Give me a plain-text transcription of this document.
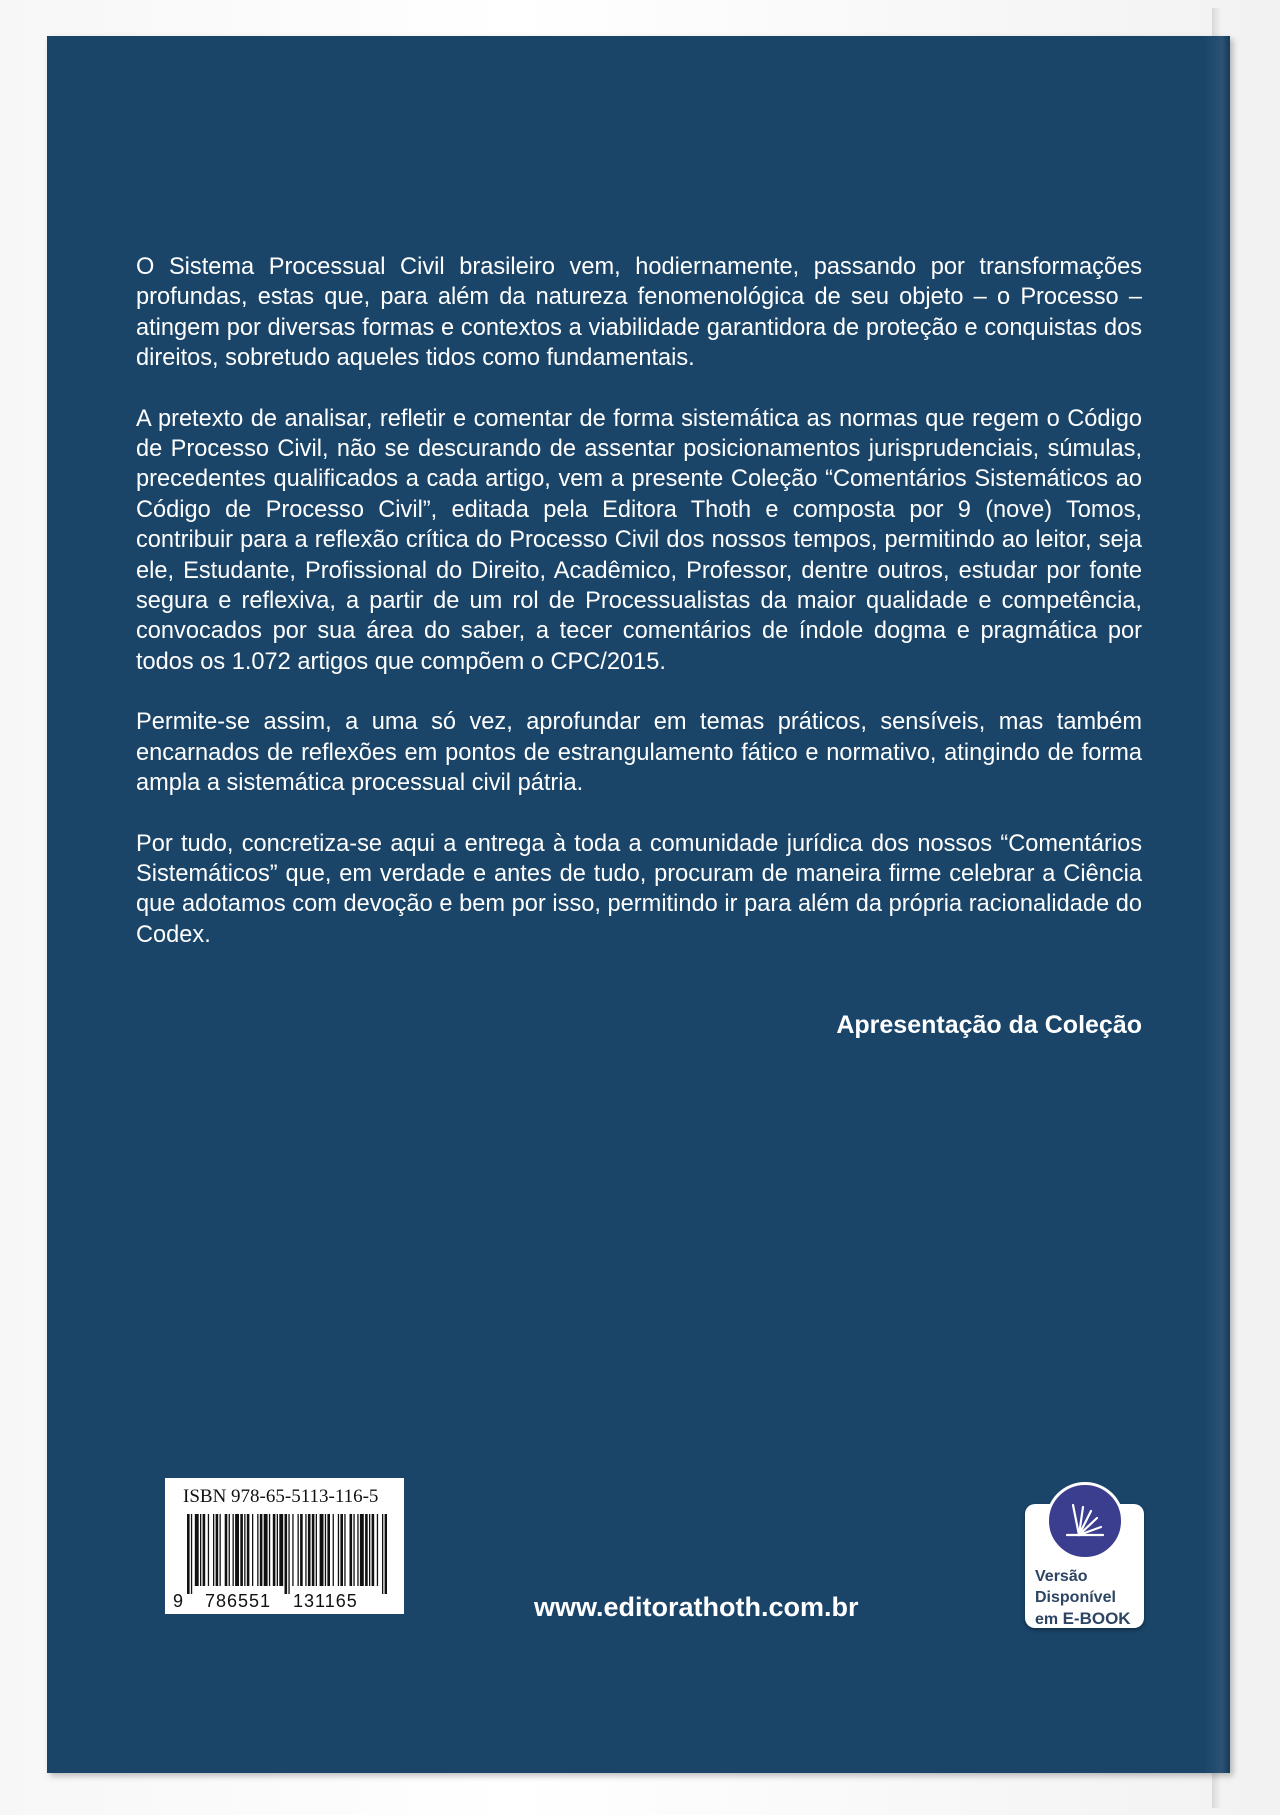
O Sistema Processual Civil brasileiro vem, hodiernamente, passando por transformações profundas, estas que, para além da natureza fenomenológica de seu objeto – o Processo – atingem por diversas formas e contextos a viabilidade garantidora de proteção e conquistas dos direitos, sobretudo aqueles tidos como fundamentais.

A pretexto de analisar, refletir e comentar de forma sistemática as normas que regem o Código de Processo Civil, não se descurando de assentar posicionamentos jurisprudenciais, súmulas, precedentes qualificados a cada artigo, vem a presente Coleção “Comentários Sistemáticos ao Código de Processo Civil”, editada pela Editora Thoth e composta por 9 (nove) Tomos, contribuir para a reflexão crítica do Processo Civil dos nossos tempos, permitindo ao leitor, seja ele, Estudante, Profissional do Direito, Acadêmico, Professor, dentre outros, estudar por fonte segura e reflexiva, a partir de um rol de Processualistas da maior qualidade e competência, convocados por sua área do saber, a tecer comentários de índole dogma e pragmática por todos os 1.072 artigos que compõem o CPC/2015.

Permite-se assim, a uma só vez, aprofundar em temas práticos, sensíveis, mas também encarnados de reflexões em pontos de estrangulamento fático e normativo, atingindo de forma ampla a sistemática processual civil pátria.

Por tudo, concretiza-se aqui a entrega à toda a comunidade jurídica dos nossos “Comentários Sistemáticos” que, em verdade e antes de tudo, procuram de maneira firme celebrar a Ciência que adotamos com devoção e bem por isso, permitindo ir para além da própria racionalidade do Codex.

Apresentação da Coleção
ISBN 978-65-5113-116-5
9 786551 131165	www.editorathoth.com.br
Versão
Disponível
em E-BOOK
